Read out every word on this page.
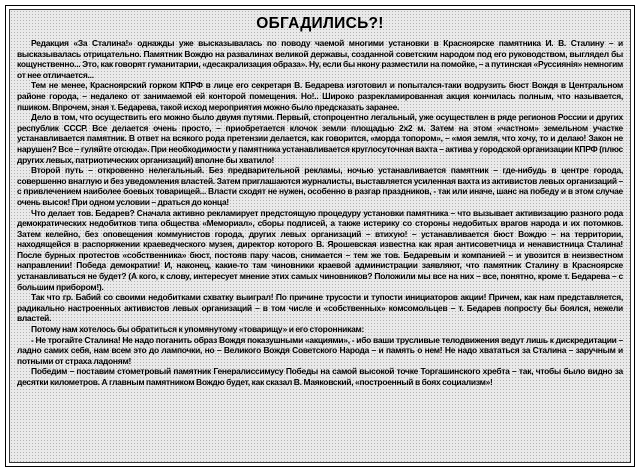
ОБГАДИЛИСЬ?!

Редакция «За Сталина!» однажды уже высказывалась по поводу чаемой многими установки в Красноярске памятника И. В. Сталину – и высказывалась отрицательно. Памятник Вождю на развалинах великой державы, созданной советским народом под его руководством, выглядел бы кощунственно... Это, как говорят гуманитарии, «десакрализация образа». Ну, если бы нкону разместили на помойке, – а путинская «Руссиянія» немногим от нее отличается...

Тем не менее, Красноярский горком КПРФ в лице его секретаря В. Бедарева изготовил и попытался-таки водрузить бюст Вождя в Центральном районе города, – недалеко от занимаемой ей конторой помещения. Но!.. Широко разрекламированная акция кончилась полным, что называется, пшиком. Впрочем, зная т. Бедарева, такой исход мероприятия можно было предсказать заранее.

Дело в том, что осуществить его можно было двумя путями. Первый, стопроцентно легальный, уже осуществлен в ряде регионов России и других республик СССР. Все делается очень просто, – приобретается клочок земли площадью 2x2 м. Затем на этом «частном» земельном участке устанавливается памятник. В ответ на всякого рода претензии делается, как говорится, «морда топором», – «моя земля, что хочу, то и делаю! Закон не нарушен? Все – гуляйте отсюда». При необходимости у памятника устанавливается круглосуточная вахта – актива у городской организации КПРФ (плюс других левых, патриотических организаций) вполне бы хватило!

Второй путь – откровенно нелегальный. Без предварительной рекламы, ночью устанавливается памятник – где-нибудь в центре города, совершенно внаглую и без уведомления властей. Затем приглашаются журналисты, выставляется усиленная вахта из активистов левых организаций – с привлечением наиболее боевых товарищей... Власти сходят не нужен, особенно в разгар праздников, - так или иначе, шанс на победу и в этом случае очень высок! При одном условии – драться до конца!

Что делает тов. Бедарев? Сначала активно рекламирует предстоящую процедуру установки памятника – что вызывает активизацию разного рода демократических недобитков типа общества «Мемориал», сборы подписей, а также истерику со стороны недобитых врагов народа и их потомков. Затем келейно, без оповещения коммунистов города, других левых организаций – втихую! – устанавливается бюст Вождю – на территории, находящейся в распоряжении краеведческого музея, директор которого В. Ярошевская известна как ярая антисоветчица и ненавистница Сталина! После бурных протестов «собственника» бюст, постояв пару часов, снимается – тем же тов. Бедаревым и компанией – и увозится в неизвестном направлении! Победа демократии! И, наконец, какие-то там чиновники краевой администрации заявляют, что памятник Сталину в Красноярске устанавливаться не будет? (А кого, к слову, интересует мнение этих самых чиновников? Положили мы все на них – все, понятно, кроме т. Бедарева – с большим прибором!).

Так что гр. Бабий со своими недобитками схватку выиграл! По причине трусости и тупости инициаторов акции! Причем, как нам представляется, радикально настроенных активистов левых организаций – в том числе и «собственных» комсомольцев – т. Бедарев попросту бы боялся, нежели властей.

Потому нам хотелось бы обратиться к упомянутому «товарищу» и его сторонникам:

- Не трогайте Сталина! Не надо поганить образ Вождя показушными «акциями», - ибо ваши трусливые телодвижения ведут лишь к дискредитации – ладно самих себя, нам всем это до лампочки, но – Великого Вождя Советского Народа – и память о нем! Не надо хвататься за Сталина – заручным и потными от страха ладоням!

Победим – поставим стометровый памятник Генералиссимусу Победы на самой высокой точке Торгашинского хребта – так, чтобы было видно за десятки километров. А главным памятником Вождю будет, как сказал В. Маяковский, «построенный в боях социализм»!
